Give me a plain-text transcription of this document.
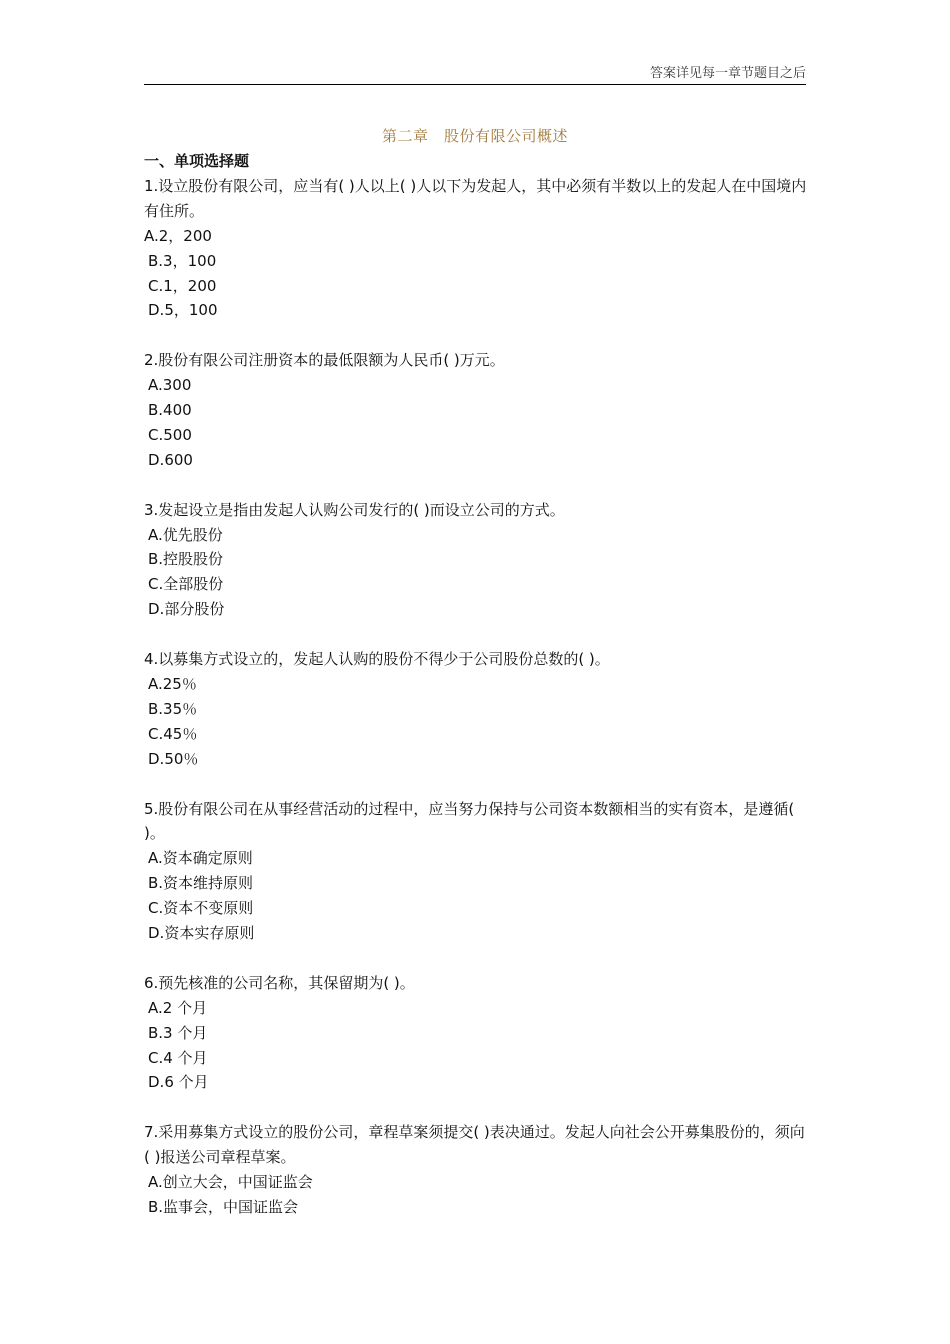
答案详见每一章节题目之后
第二章　股份有限公司概述
一、单项选择题
1.设立股份有限公司，应当有( )人以上( )人以下为发起人，其中必须有半数以上的发起人在中国境内有住所。
A.2，200
B.3，100
C.1，200
D.5，100
2.股份有限公司注册资本的最低限额为人民币( )万元。
A.300
B.400
C.500
D.600
3.发起设立是指由发起人认购公司发行的( )而设立公司的方式。
A.优先股份
B.控股股份
C.全部股份
D.部分股份
4.以募集方式设立的，发起人认购的股份不得少于公司股份总数的( )。
A.25％
B.35％
C.45％
D.50％
5.股份有限公司在从事经营活动的过程中，应当努力保持与公司资本数额相当的实有资本，是遵循( )。
A.资本确定原则
B.资本维持原则
C.资本不变原则
D.资本实存原则
6.预先核准的公司名称，其保留期为( )。
A.2 个月
B.3 个月
C.4 个月
D.6 个月
7.采用募集方式设立的股份公司，章程草案须提交( )表决通过。发起人向社会公开募集股份的，须向( )报送公司章程草案。
A.创立大会，中国证监会
B.监事会，中国证监会
